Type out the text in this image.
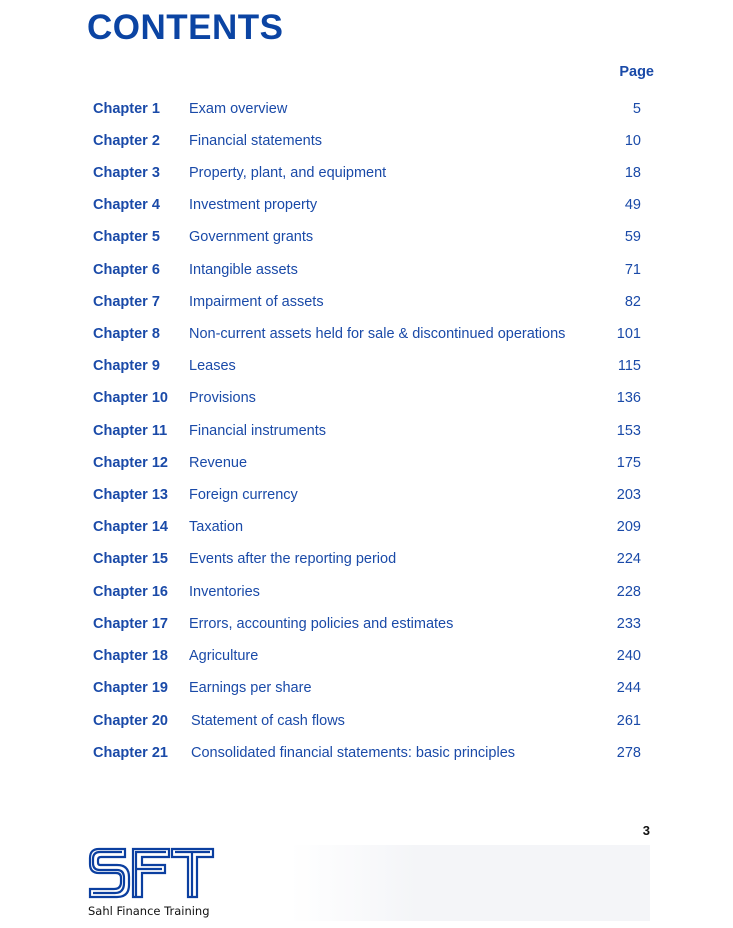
CONTENTS
Page
Chapter 1 Exam overview	5
Chapter 2 Financial statements	10
Chapter 3 Property, plant, and equipment	18
Chapter 4 Investment property	49
Chapter 5 Government grants	59
Chapter 6 Intangible assets	71
Chapter 7 Impairment of assets	82
Chapter 8 Non-current assets held for sale & discontinued operations	101
Chapter 9 Leases	115
Chapter 10 Provisions	136
Chapter 11 Financial instruments	153
Chapter 12 Revenue	175
Chapter 13 Foreign currency	203
Chapter 14 Taxation	209
Chapter 15 Events after the reporting period	224
Chapter 16 Inventories	228
Chapter 17 Errors, accounting policies and estimates	233
Chapter 18 Agriculture	240
Chapter 19 Earnings per share	244
Chapter 20 Statement of cash flows	261
Chapter 21 Consolidated financial statements: basic principles	278
3
Sahl Finance Training
